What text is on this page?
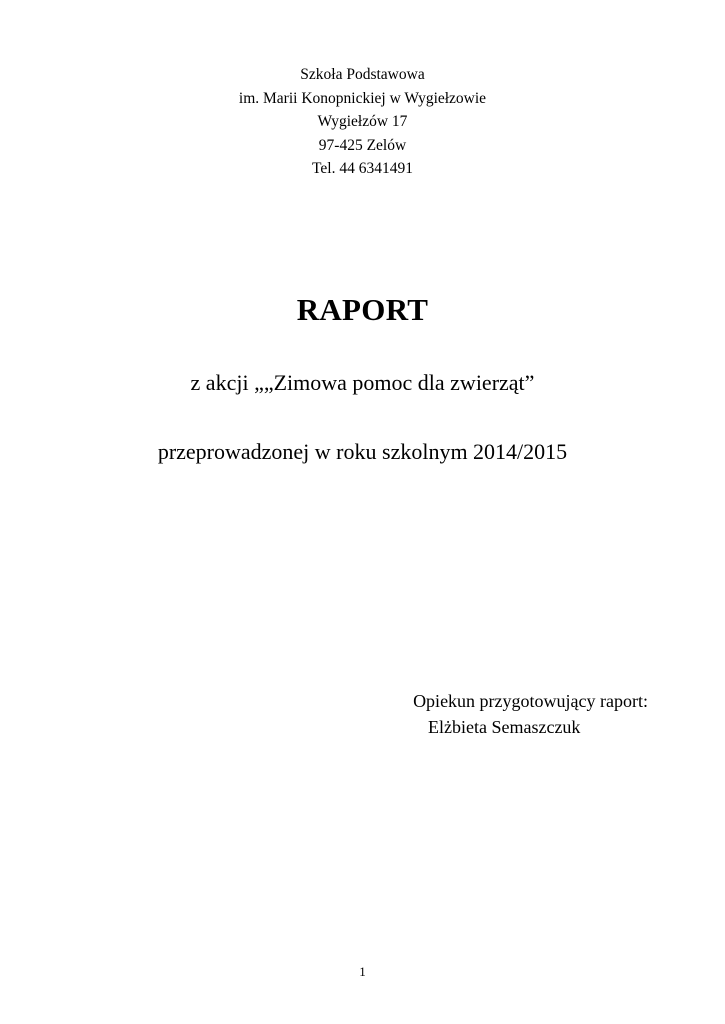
Szkoła Podstawowa
im. Marii Konopnickiej w Wygiełzowie
Wygiełzów 17
97-425 Zelów
Tel. 44 6341491
RAPORT
z akcji „„Zimowa pomoc dla zwierząt”
przeprowadzonej w roku szkolnym 2014/2015
Opiekun przygotowujący raport:
Elżbieta Semaszczuk
1
